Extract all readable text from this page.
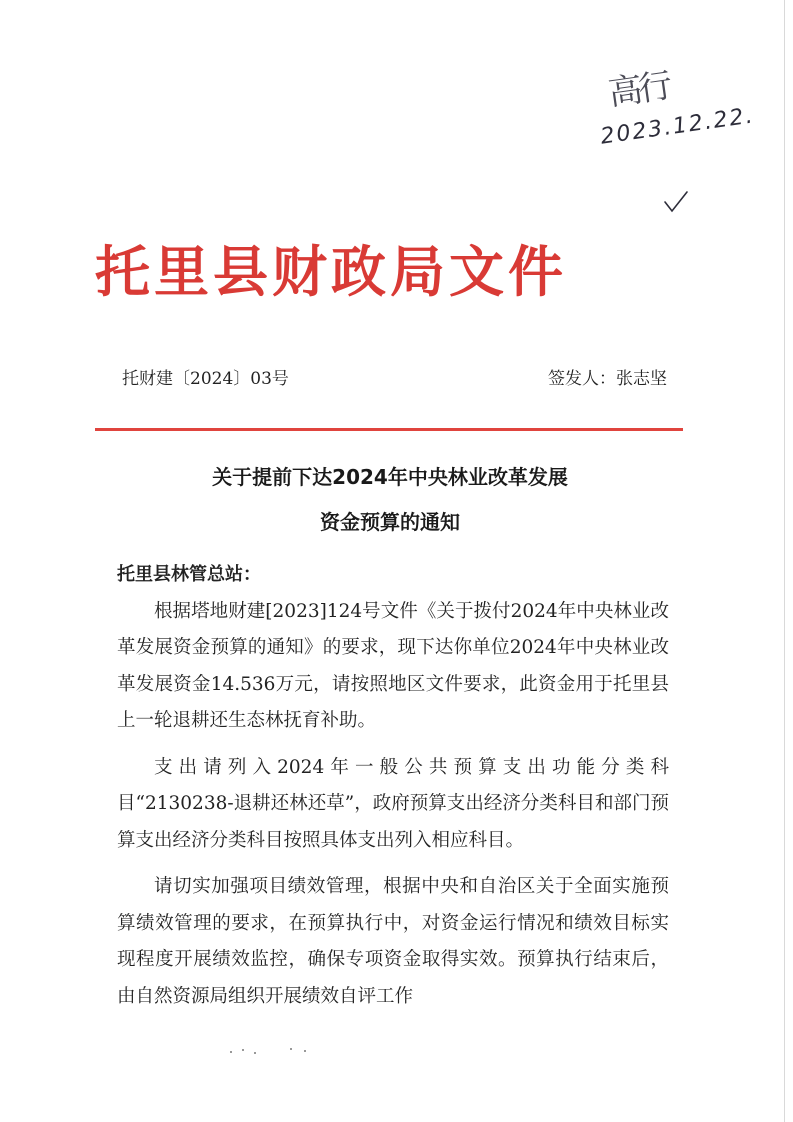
高行
2023.12.22.
托里县财政局文件
托财建〔2024〕03号	签发人：张志坚
关于提前下达2024年中央林业改革发展
资金预算的通知

托里县林管总站：

根据塔地财建[2023]124号文件《关于拨付2024年中央林业改革发展资金预算的通知》的要求，现下达你单位2024年中央林业改革发展资金14.536万元，请按照地区文件要求，此资金用于托里县上一轮退耕还生态林抚育补助。

支出请列入2024年一般公共预算支出功能分类科目“2130238-退耕还林还草”，政府预算支出经济分类科目和部门预算支出经济分类科目按照具体支出列入相应科目。

请切实加强项目绩效管理，根据中央和自治区关于全面实施预算绩效管理的要求，在预算执行中，对资金运行情况和绩效目标实现程度开展绩效监控，确保专项资金取得实效。预算执行结束后，由自然资源局组织开展绩效自评工作
